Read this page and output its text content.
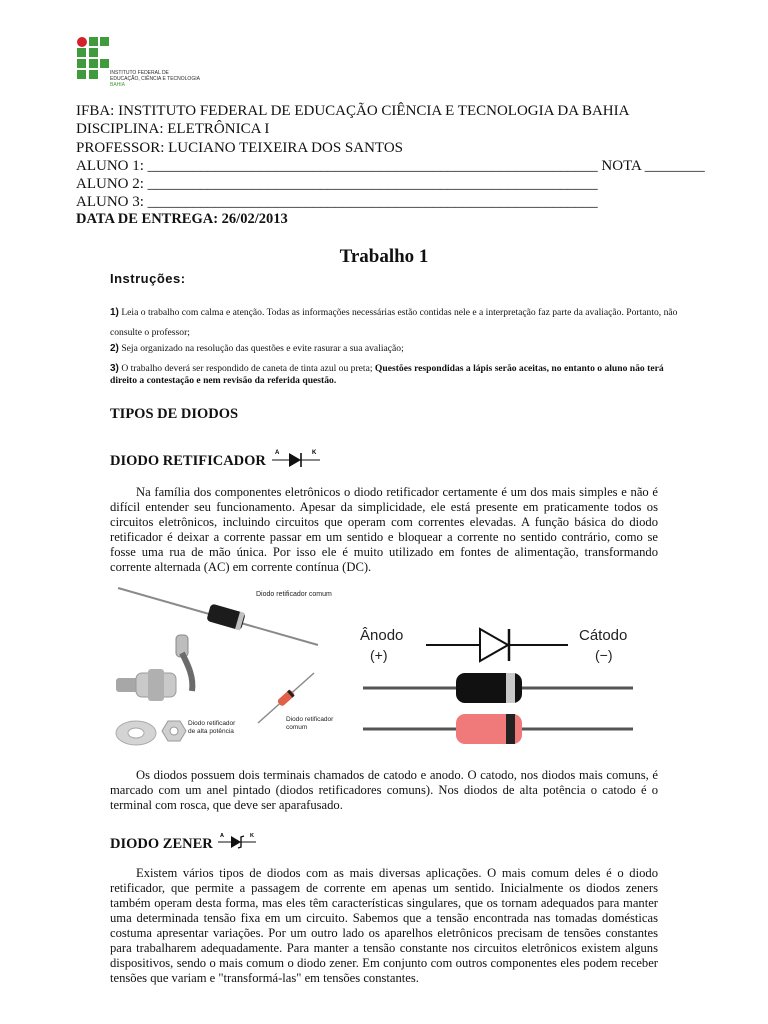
INSTITUTO FEDERAL DE
EDUCAÇÃO, CIÊNCIA E TECNOLOGIA
BAHIA
IFBA: INSTITUTO FEDERAL DE EDUCAÇÃO CIÊNCIA E TECNOLOGIA DA BAHIA
DISCIPLINA: ELETRÔNICA I
PROFESSOR: LUCIANO TEIXEIRA DOS SANTOS
ALUNO 1: ____________________________________________________________ NOTA ________
ALUNO 2: ____________________________________________________________
ALUNO 3: ____________________________________________________________
DATA DE ENTREGA: 26/02/2013
Trabalho 1
Instruções:
1) Leia o trabalho com calma e atenção. Todas as informações necessárias estão contidas nele e a interpretação faz parte da avaliação. Portanto, não consulte o professor;
2) Seja organizado na resolução das questões e evite rasurar a sua avaliação;
3) O trabalho deverá ser respondido de caneta de tinta azul ou preta; Questões respondidas a lápis serão aceitas, no entanto o aluno não terá direito a contestação e nem revisão da referida questão.
TIPOS DE DIODOS
DIODO RETIFICADOR A	K
Na família dos componentes eletrônicos o diodo retificador certamente é um dos mais simples e não é difícil entender seu funcionamento. Apesar da simplicidade, ele está presente em praticamente todos os circuitos eletrônicos, incluindo circuitos que operam com correntes elevadas. A função básica do diodo retificador é deixar a corrente passar em um sentido e bloquear a corrente no sentido contrário, como se fosse uma rua de mão única. Por isso ele é muito utilizado em fontes de alimentação, transformando corrente alternada (AC) em corrente contínua (DC).
Diodo retificador comum
Diodo retificador
de alta potência
Diodo retificador
comum
Ânodo
(+)
Cátodo
(−)
Os diodos possuem dois terminais chamados de catodo e anodo. O catodo, nos diodos mais comuns, é marcado com um anel pintado (diodos retificadores comuns). Nos diodos de alta potência o catodo é o terminal com rosca, que deve ser aparafusado.
DIODO ZENER A	K
Existem vários tipos de diodos com as mais diversas aplicações. O mais comum deles é o diodo retificador, que permite a passagem de corrente em apenas um sentido. Inicialmente os diodos zeners também operam desta forma, mas eles têm características singulares, que os tornam adequados para manter uma determinada tensão fixa em um circuito. Sabemos que a tensão encontrada nas tomadas domésticas costuma apresentar variações. Por um outro lado os aparelhos eletrônicos precisam de tensões constantes para trabalharem adequadamente. Para manter a tensão constante nos circuitos eletrônicos existem alguns dispositivos, sendo o mais comum o diodo zener. Em conjunto com outros componentes eles podem receber tensões que variam e "transformá-las" em tensões constantes.
